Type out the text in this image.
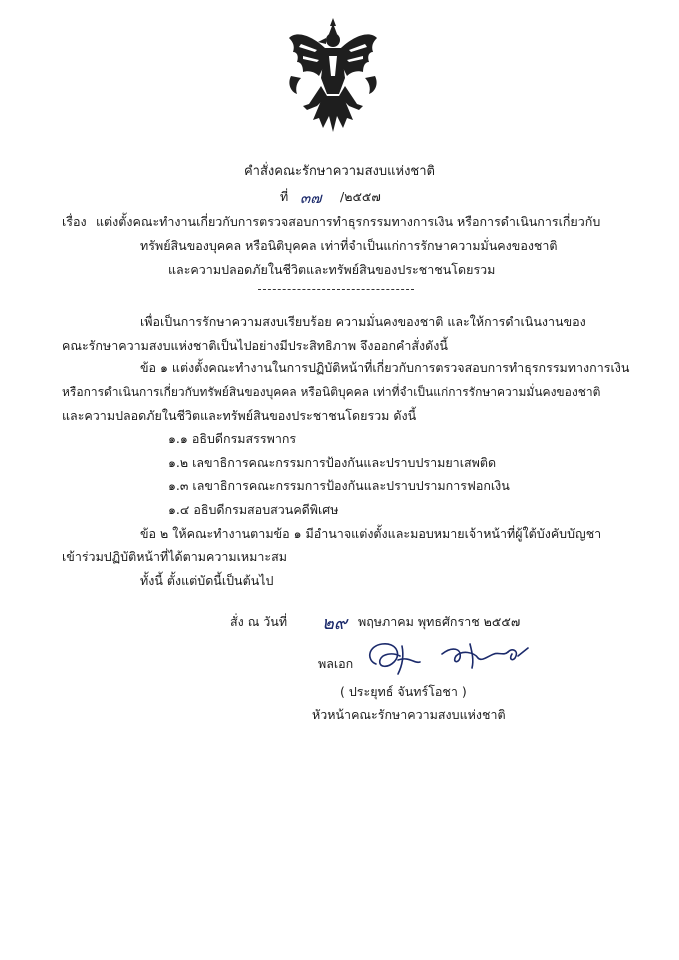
คำสั่งคณะรักษาความสงบแห่งชาติ
ที่ ๓๗ /๒๕๕๗
เรื่อง แต่งตั้งคณะทำงานเกี่ยวกับการตรวจสอบการทำธุรกรรมทางการเงิน หรือการดำเนินการเกี่ยวกับ
ทรัพย์สินของบุคคล หรือนิติบุคคล เท่าที่จำเป็นแก่การรักษาความมั่นคงของชาติ
และความปลอดภัยในชีวิตและทรัพย์สินของประชาชนโดยรวม
เพื่อเป็นการรักษาความสงบเรียบร้อย ความมั่นคงของชาติ และให้การดำเนินงานของ
คณะรักษาความสงบแห่งชาติเป็นไปอย่างมีประสิทธิภาพ จึงออกคำสั่งดังนี้
ข้อ ๑ แต่งตั้งคณะทำงานในการปฏิบัติหน้าที่เกี่ยวกับการตรวจสอบการทำธุรกรรมทางการเงิน
หรือการดำเนินการเกี่ยวกับทรัพย์สินของบุคคล หรือนิติบุคคล เท่าที่จำเป็นแก่การรักษาความมั่นคงของชาติ
และความปลอดภัยในชีวิตและทรัพย์สินของประชาชนโดยรวม ดังนี้
๑.๑ อธิบดีกรมสรรพากร
๑.๒ เลขาธิการคณะกรรมการป้องกันและปราบปรามยาเสพติด
๑.๓ เลขาธิการคณะกรรมการป้องกันและปราบปรามการฟอกเงิน
๑.๔ อธิบดีกรมสอบสวนคดีพิเศษ
ข้อ ๒ ให้คณะทำงานตามข้อ ๑ มีอำนาจแต่งตั้งและมอบหมายเจ้าหน้าที่ผู้ใต้บังคับบัญชา
เข้าร่วมปฏิบัติหน้าที่ได้ตามความเหมาะสม
ทั้งนี้ ตั้งแต่บัดนี้เป็นต้นไป
สั่ง ณ วันที่ ๒๙ พฤษภาคม พุทธศักราช ๒๕๕๗
พลเอก
( ประยุทธ์ จันทร์โอชา )
หัวหน้าคณะรักษาความสงบแห่งชาติ
